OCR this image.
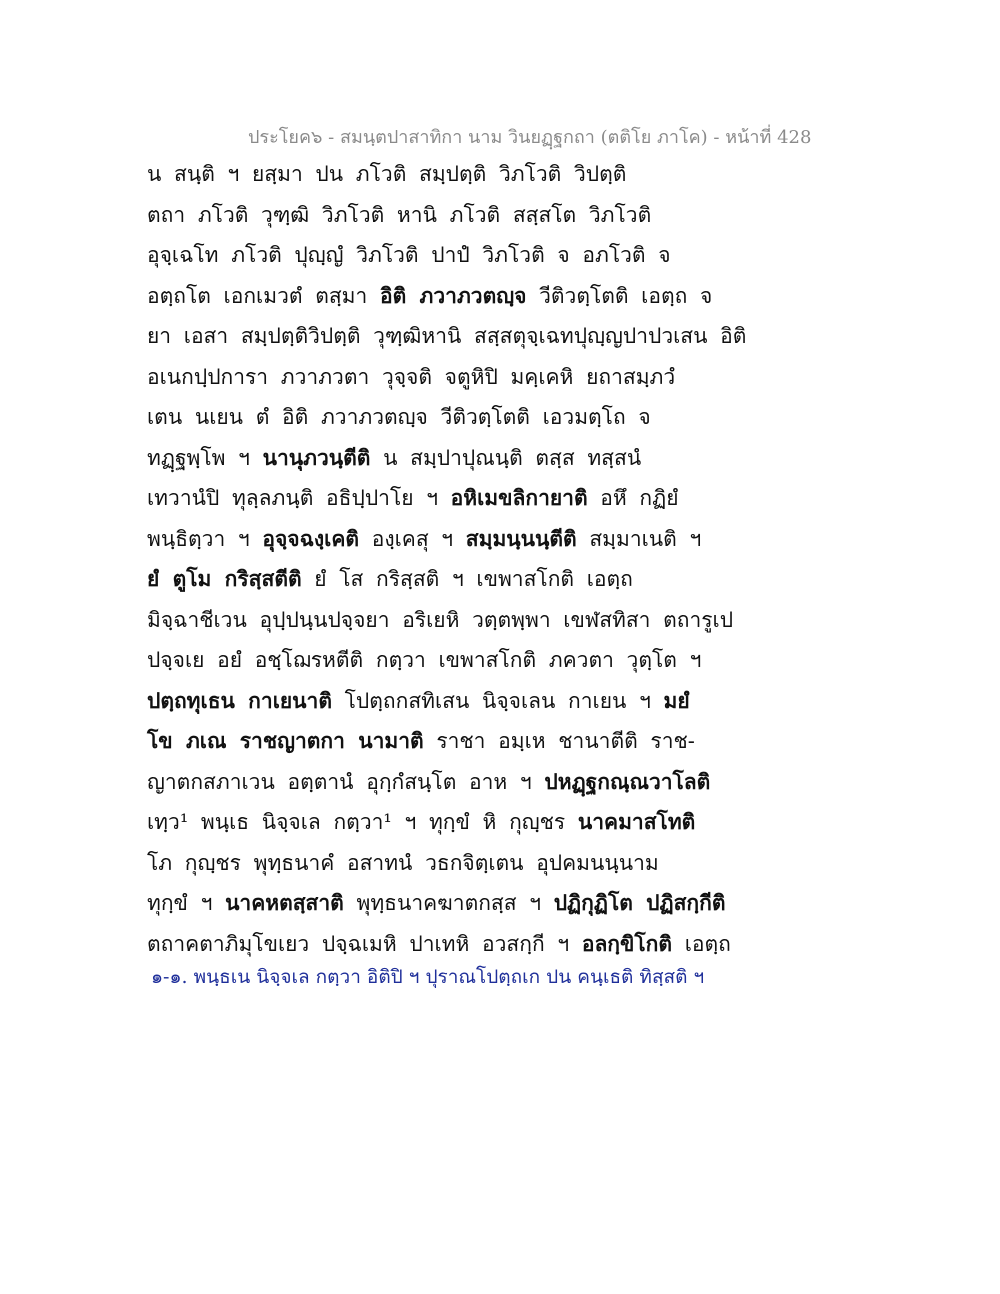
ประโยค๖ - สมนฺตปาสาทิกา นาม วินยฏฺฐกถา (ตติโย ภาโค) - หน้าที่ 428
น สนฺติ ฯ ยสฺมา ปน ภโวติ สมฺปตฺติ วิภโวติ วิปตฺติ
ตถา ภโวติ วุฑฺฒิ วิภโวติ หานิ ภโวติ สสฺสโต วิภโวติ
อุจฺเฉโท ภโวติ ปุญฺญํ วิภโวติ ปาปํ วิภโวติ จ อภโวติ จ
อตฺถโต เอกเมวตํ ตสฺมา อิติ ภวาภวตญฺจ วีติวตฺโตติ เอตฺถ จ
ยา เอสา สมฺปตฺติวิปตฺติ วุฑฺฒิหานิ สสฺสตุจฺเฉทปุญฺญปาปวเสน อิติ
อเนกปฺปการา ภวาภวตา วุจฺจติ จตูหิปิ มคฺเคหิ ยถาสมฺภวํ
เตน นเยน ตํ อิติ ภวาภวตญฺจ วีติวตฺโตติ เอวมตฺโถ จ
ทฏฺฐพฺโพ ฯ นานุภวนฺตีติ น สมฺปาปุณนฺติ ตสฺส ทสฺสนํ
เทวานํปิ ทุลฺลภนฺติ อธิปฺปาโย ฯ อหิเมขลิกายาติ อหึ กฏิยํ
พนฺธิตฺวา ฯ อุจฺจฉงฺเคติ องฺเคสุ ฯ สมฺมนฺนนฺตีติ สมฺมาเนติ ฯ
ยํ ตูโม กริสฺสตีติ ยํ โส กริสฺสติ ฯ เขพาสโกติ เอตฺถ
มิจฺฉาชีเวน อุปฺปนฺนปจฺจยา อริเยหิ วตฺตพฺพา เขฬสทิสา ตถารูเป
ปจฺจเย อยํ อชฺโฌรหตีติ กตฺวา เขพาสโกติ ภควตา วุตฺโต ฯ
ปตฺถทุเธน กาเยนาติ โปตฺถกสทิเสน นิจฺจเลน กาเยน ฯ มยํ
โข ภเณ ราชญาตกา นามาติ ราชา อมฺเห ชานาตีติ ราช-
ญาตกสภาเวน อตฺตานํ อุกฺกํสนฺโต อาห ฯ ปหฏฺฐกณฺณวาโลติ
เทฺว¹ พนฺเธ นิจฺจเล กตฺวา¹ ฯ ทุกฺขํ หิ กุญฺชร นาคมาสโทติ
โภ กุญฺชร พุทฺธนาคํ อสาทนํ วธกจิตฺเตน อุปคมนนฺนาม
ทุกฺขํ ฯ นาคหตสฺสาติ พุทฺธนาคฆาตกสฺส ฯ ปฏิกุฏิโต ปฏิสกฺกีติ
ตถาคตาภิมุโขเยว ปจฺฉเมหิ ปาเทหิ อวสกฺกี ฯ อลกฺขิโกติ เอตฺถ
๑-๑. พนฺธเน นิจฺจเล กตฺวา อิติปิ ฯ ปุราณโปตฺถเก ปน คนฺเธติ ทิสฺสติ ฯ
